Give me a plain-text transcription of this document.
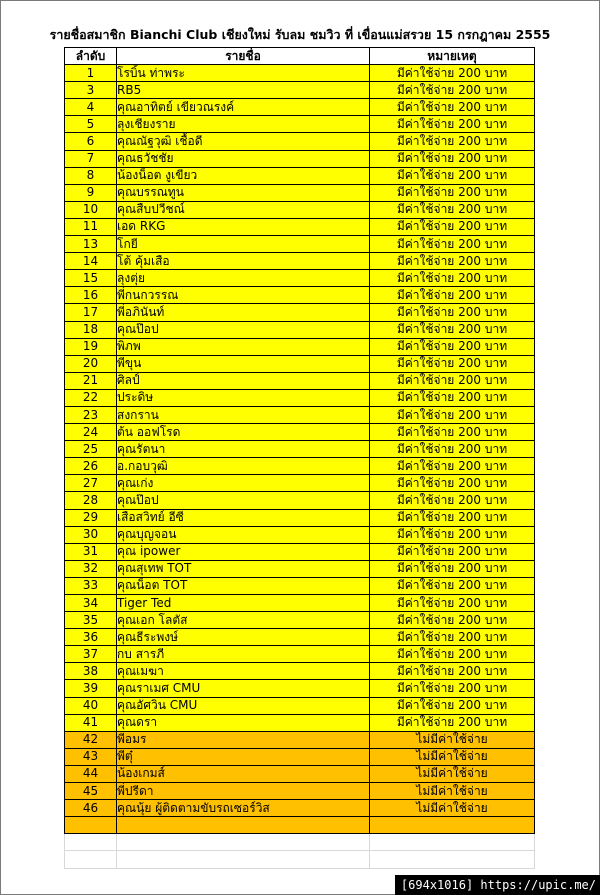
รายชื่อสมาชิก Bianchi Club เชียงใหม่ รับลม ชมวิว ที่ เขื่อนแม่สรวย 15 กรกฎาคม 2555
ลำดับ	รายชื่อ	หมายเหตุ
1	โรบิ้น ท่าพระ	มีค่าใช้จ่าย 200 บาท
3	RB5	มีค่าใช้จ่าย 200 บาท
4	คุณอาทิตย์ เขียวณรงค์	มีค่าใช้จ่าย 200 บาท
5	ลุงเชียงราย	มีค่าใช้จ่าย 200 บาท
6	คุณณัฐวุฒิ เชื้อดี	มีค่าใช้จ่าย 200 บาท
7	คุณธวัชชัย	มีค่าใช้จ่าย 200 บาท
8	น้องน็อต งูเขียว	มีค่าใช้จ่าย 200 บาท
9	คุณบรรณทูน	มีค่าใช้จ่าย 200 บาท
10	คุณสืบปวีชณ์	มีค่าใช้จ่าย 200 บาท
11	เอด RKG	มีค่าใช้จ่าย 200 บาท
13	โกยี	มีค่าใช้จ่าย 200 บาท
14	โต้ คุ้มเสือ	มีค่าใช้จ่าย 200 บาท
15	ลุงตุ่ย	มีค่าใช้จ่าย 200 บาท
16	พี่กนกวรรณ	มีค่าใช้จ่าย 200 บาท
17	พี่อภินันท์	มีค่าใช้จ่าย 200 บาท
18	คุณป๊อป	มีค่าใช้จ่าย 200 บาท
19	พิภพ	มีค่าใช้จ่าย 200 บาท
20	พี่ขุน	มีค่าใช้จ่าย 200 บาท
21	ศิลป์	มีค่าใช้จ่าย 200 บาท
22	ประดิษ	มีค่าใช้จ่าย 200 บาท
23	สงกราน	มีค่าใช้จ่าย 200 บาท
24	ต้น ออฟโรด	มีค่าใช้จ่าย 200 บาท
25	คุณรัตนา	มีค่าใช้จ่าย 200 บาท
26	อ.กอบวุฒิ	มีค่าใช้จ่าย 200 บาท
27	คุณเก่ง	มีค่าใช้จ่าย 200 บาท
28	คุณป๊อป	มีค่าใช้จ่าย 200 บาท
29	เสือสวิทย์ อีซี่	มีค่าใช้จ่าย 200 บาท
30	คุณบุญจอน	มีค่าใช้จ่าย 200 บาท
31	คุณ ipower	มีค่าใช้จ่าย 200 บาท
32	คุณสุเทพ TOT	มีค่าใช้จ่าย 200 บาท
33	คุณน็อต TOT	มีค่าใช้จ่าย 200 บาท
34	Tiger Ted	มีค่าใช้จ่าย 200 บาท
35	คุณเอก โลตัส	มีค่าใช้จ่าย 200 บาท
36	คุณธีระพงษ์	มีค่าใช้จ่าย 200 บาท
37	กบ สารภี	มีค่าใช้จ่าย 200 บาท
38	คุณเมฆา	มีค่าใช้จ่าย 200 บาท
39	คุณราเมศ CMU	มีค่าใช้จ่าย 200 บาท
40	คุณอัศวิน CMU	มีค่าใช้จ่าย 200 บาท
41	คุณดรา	มีค่าใช้จ่าย 200 บาท
42	พี่อมร	ไม่มีค่าใช้จ่าย
43	พี่ตุ๋	ไม่มีค่าใช้จ่าย
44	น้องเกมส์	ไม่มีค่าใช้จ่าย
45	พี่ปรีดา	ไม่มีค่าใช้จ่าย
46	คุณนุ้ย ผู้ติดตามขับรถเซอร์วิส	ไม่มีค่าใช้จ่าย

[694x1016] https://upic.me/
